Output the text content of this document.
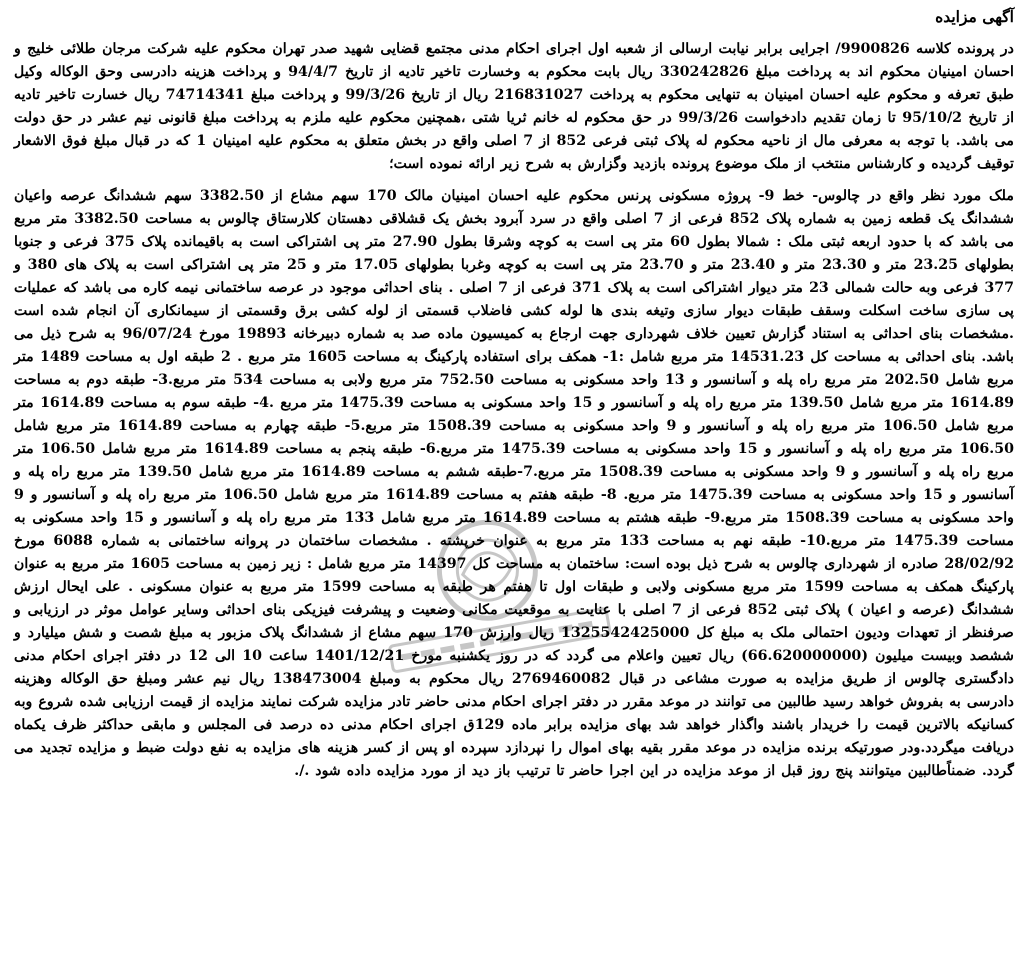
آگهی مزایده

در پرونده کلاسه 9900826/ اجرایی برابر نیابت ارسالی از شعبه اول اجرای احکام مدنی مجتمع قضایی شهید صدر تهران محکوم علیه شرکت مرجان طلائی خلیج و احسان امینیان محکوم اند به پرداخت مبلغ 330242826 ریال بابت محکوم به وخسارت تاخیر تادیه از تاریخ 94/4/7 و پرداخت هزینه دادرسی وحق الوکاله وکیل طبق تعرفه و محکوم علیه احسان امینیان به تنهایی محکوم به پرداخت 216831027 ریال از تاریخ 99/3/26 و پرداخت مبلغ 74714341 ریال خسارت تاخیر تادیه از تاریخ 95/10/2 تا زمان تقدیم دادخواست 99/3/26 در حق محکوم له خانم ثریا شتی ،همچنین محکوم علیه ملزم به پرداخت مبلغ قانونی نیم عشر در حق دولت می باشد. با توجه به معرفی مال از ناحیه محکوم له پلاک ثبتی فرعی 852 از 7 اصلی واقع در بخش متعلق به محکوم علیه امینیان 1 که در قبال مبلغ فوق الاشعار توقیف گردیده و کارشناس منتخب از ملک موضوع پرونده بازدید وگزارش به شرح زیر ارائه نموده است؛

ملک مورد نظر واقع در چالوس- خط 9- پروژه مسکونی پرنس محکوم علیه احسان امینیان مالک 170 سهم مشاع از 3382.50 سهم ششدانگ عرصه واعیان ششدانگ یک قطعه زمین به شماره پلاک 852 فرعی از 7 اصلی واقع در سرد آبرود بخش یک قشلاقی دهستان کلارستاق چالوس به مساحت 3382.50 متر مربع می باشد که با حدود اربعه ثبتی ملک : شمالا بطول 60 متر پی است به کوچه وشرقا بطول 27.90 متر پی اشتراکی است به باقیمانده پلاک 375 فرعی و جنوبا بطولهای 23.25 متر و 23.30 متر و 23.40 متر و 23.70 متر پی است به کوچه وغربا بطولهای 17.05 متر و 25 متر پی اشتراکی است به پلاک های 380 و 377 فرعی وبه حالت شمالی 23 متر دیوار اشتراکی است به پلاک 371 فرعی از 7 اصلی . بنای احداثی موجود در عرصه ساختمانی نیمه کاره می باشد که عملیات پی سازی ساخت اسکلت وسقف طبقات دیوار سازی وتیغه بندی ها لوله کشی فاضلاب قسمتی از لوله کشی برق وقسمتی از سیمانکاری آن انجام شده است .مشخصات بنای احداثی به استناد گزارش تعیین خلاف شهرداری جهت ارجاع به کمیسیون ماده صد به شماره دبیرخانه 19893 مورخ 96/07/24 به شرح ذیل می باشد. بنای احداثی به مساحت کل 14531.23 متر مربع شامل :1- همکف برای استفاده پارکینگ به مساحت 1605 متر مربع . 2 طبقه اول به مساحت 1489 متر مربع شامل 202.50 متر مربع راه پله و آسانسور و 13 واحد مسکونی به مساحت 752.50 متر مربع ولابی به مساحت 534 متر مربع.3- طبقه دوم به مساحت 1614.89 متر مربع شامل 139.50 متر مربع راه پله و آسانسور و 15 واحد مسکونی به مساحت 1475.39 متر مربع .4- طبقه سوم به مساحت 1614.89 متر مربع شامل 106.50 متر مربع راه پله و آسانسور و 9 واحد مسکونی به مساحت 1508.39 متر مربع.5- طبقه چهارم به مساحت 1614.89 متر مربع شامل 106.50 متر مربع راه پله و آسانسور و 15 واحد مسکونی به مساحت 1475.39 متر مربع.6- طبقه پنجم به مساحت 1614.89 متر مربع شامل 106.50 متر مربع راه پله و آسانسور و 9 واحد مسکونی به مساحت 1508.39 متر مربع.7-طبقه ششم به مساحت 1614.89 متر مربع شامل 139.50 متر مربع راه پله و آسانسور و 15 واحد مسکونی به مساحت 1475.39 متر مربع. 8- طبقه هفتم به مساحت 1614.89 متر مربع شامل 106.50 متر مربع راه پله و آسانسور و 9 واحد مسکونی به مساحت 1508.39 متر مربع.9- طبقه هشتم به مساحت 1614.89 متر مربع شامل 133 متر مربع راه پله و آسانسور و 15 واحد مسکونی به مساحت 1475.39 متر مربع.10- طبقه نهم به مساحت 133 متر مربع به عنوان خرپشته . مشخصات ساختمان در پروانه ساختمانی به شماره 6088 مورخ 28/02/92 صادره از شهرداری چالوس به شرح ذیل بوده است: ساختمان به مساحت کل 14397 متر مربع شامل : زیر زمین به مساحت 1605 متر مربع به عنوان پارکینگ همکف به مساحت 1599 متر مربع مسکونی ولابی و طبقات اول تا هفتم هر طبقه به مساحت 1599 متر مربع به عنوان مسکونی . علی ایحال ارزش ششدانگ (عرصه و اعیان ) پلاک ثبتی 852 فرعی از 7 اصلی با عنایت به موقعیت مکانی وضعیت و پیشرفت فیزیکی بنای احداثی وسایر عوامل موثر در ارزیابی و صرفنظر از تعهدات ودیون احتمالی ملک به مبلغ کل 1325542425000 ریال وارزش 170 سهم مشاع از ششدانگ پلاک مزبور به مبلغ شصت و شش میلیارد و ششصد وبیست میلیون (66.620000000) ریال تعیین واعلام می گردد که در روز یکشنبه مورخ 1401/12/21 ساعت 10 الی 12 در دفتر اجرای احکام مدنی دادگستری چالوس از طریق مزایده به صورت مشاعی در قبال 2769460082 ریال محکوم به ومبلغ 138473004 ریال نیم عشر ومبلغ حق الوکاله وهزینه دادرسی به بفروش خواهد رسید طالبین می توانند در موعد مقرر در دفتر اجرای احکام مدنی حاضر تادر مزایده شرکت نمایند مزایده از قیمت ارزیابی شده شروع وبه کسانیکه بالاترین قیمت را خریدار باشند واگذار خواهد شد بهای مزایده برابر ماده 129ق اجرای احکام مدنی ده درصد فی المجلس و مابقی حداکثر ظرف یکماه دریافت میگردد.ودر صورتیکه برنده مزایده در موعد مقرر بقیه بهای اموال را نپردازد سپرده او پس از کسر هزینه های مزایده به نفع دولت ضبط و مزایده تجدید می گردد. ضمناًطالبین میتوانند پنج روز قبل از موعد مزایده در این اجرا حاضر تا ترتیب باز دید از مورد مزایده داده شود ./.
